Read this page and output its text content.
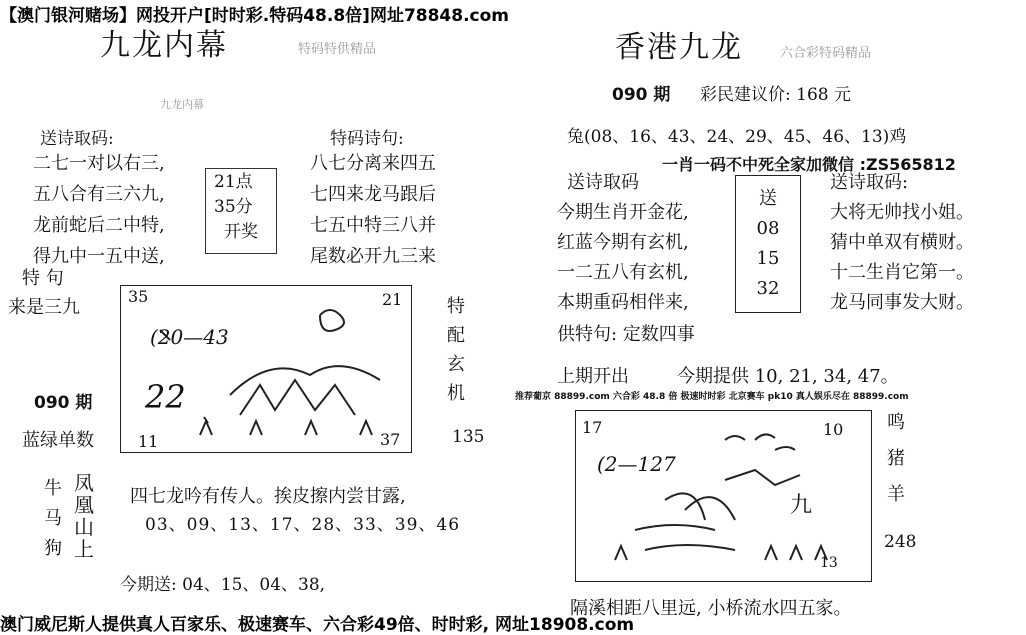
【澳门银河赌场】网投开户[时时彩.特码48.8倍]网址78848.com
九龙内幕	特码特供精品
九龙内幕
送诗取码:	特码诗句:
二七一对以右三,
五八合有三六九,
龙前蛇后二中特,
得九中一五中送,
21点
35分
开奖
八七分离来四五
七四来龙马跟后
七五中特三八并
尾数必开九三来
特 句
来是三九
090 期
蓝绿单数
35	21
(20—43
22
11	37
特
配
玄
机
135
牛
马
狗
凤
凰
山
上
四七龙吟有传人。挨皮擦内尝甘露,
03、09、13、17、28、33、39、46
今期送: 04、15、04、38,
香港九龙	六合彩特码精品
090 期 彩民建议价: 168 元
兔(08、16、43、24、29、45、46、13)鸡
一肖一码不中死全家加微信 :ZS565812
送诗取码	送诗取码:
今期生肖开金花,
红蓝今期有玄机,
一二五八有玄机,
本期重码相伴来,
送
08
15
32
大将无帅找小姐。
猜中单双有横财。
十二生肖它第一。
龙马同事发大财。
供特句: 定数四事
上期开出	今期提供 10, 21, 34, 47。
推荐葡京 88899.com 六合彩 48.8 倍 极速时时彩 北京赛车 pk10 真人娱乐尽在 88899.com
17	10
(2—127
九
13
鸣
猪
羊
248
隔溪相距八里远, 小桥流水四五家。
澳门威尼斯人提供真人百家乐、极速赛车、六合彩49倍、时时彩, 网址18908.com
